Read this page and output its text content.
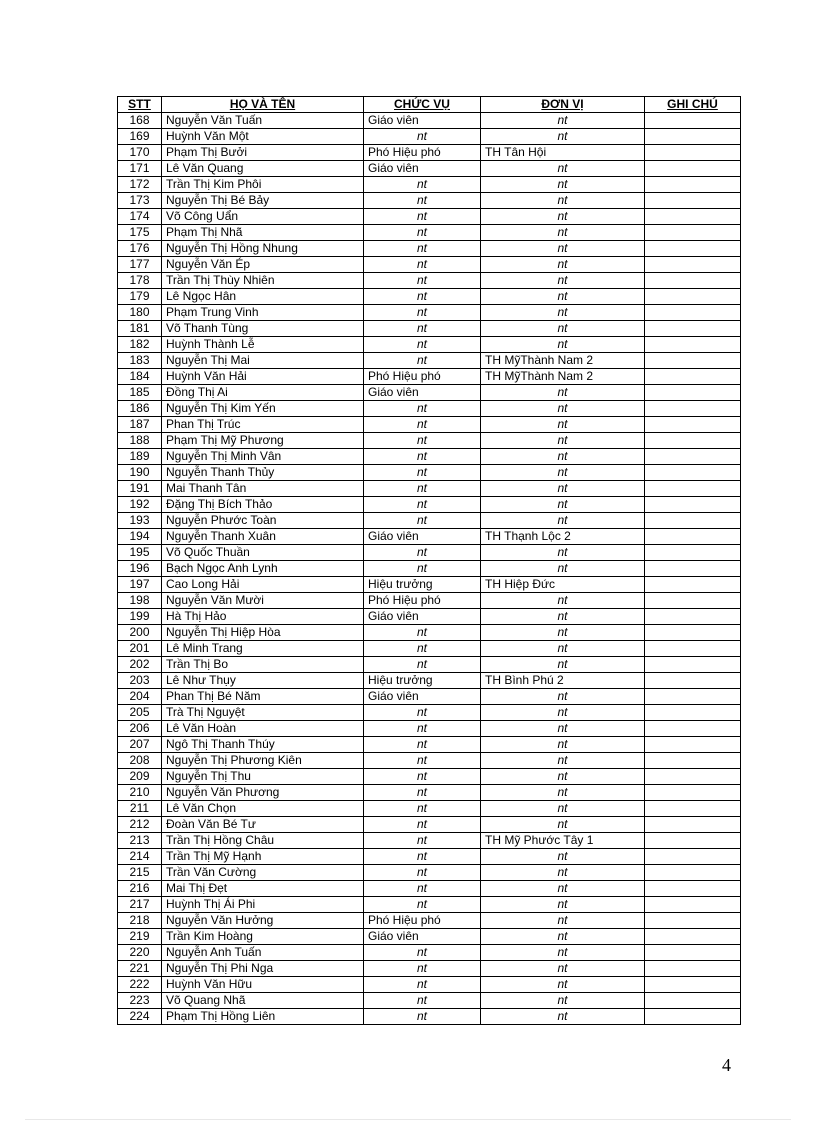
STT	HỌ VÀ TÊN	CHỨC VỤ	ĐƠN VỊ	GHI CHÚ
168	Nguyễn Văn Tuấn	Giáo viên	nt	
169	Huỳnh Văn Một	nt	nt	
170	Phạm Thị Bưởi	Phó Hiệu phó	TH Tân Hội	
171	Lê Văn Quang	Giáo viên	nt	
172	Trần Thị Kim Phôi	nt	nt	
173	Nguyễn Thị Bé Bảy	nt	nt	
174	Võ Công Uẩn	nt	nt	
175	Phạm Thị Nhã	nt	nt	
176	Nguyễn Thị Hồng Nhung	nt	nt	
177	Nguyễn Văn Ép	nt	nt	
178	Trần Thị Thùy Nhiên	nt	nt	
179	Lê Ngọc Hân	nt	nt	
180	Phạm Trung Vinh	nt	nt	
181	Võ Thanh Tùng	nt	nt	
182	Huỳnh Thành Lễ	nt	nt	
183	Nguyễn Thị Mai	nt	TH MỹThành Nam 2	
184	Huỳnh Văn Hải	Phó Hiệu phó	TH MỹThành Nam 2	
185	Đồng Thị Ai	Giáo viên	nt	
186	Nguyễn Thị Kim Yến	nt	nt	
187	Phan Thị Trúc	nt	nt	
188	Phạm Thị Mỹ Phương	nt	nt	
189	Nguyễn Thị Minh Vân	nt	nt	
190	Nguyễn Thanh Thủy	nt	nt	
191	Mai Thanh Tân	nt	nt	
192	Đặng Thị Bích Thảo	nt	nt	
193	Nguyễn Phước Toàn	nt	nt	
194	Nguyễn Thanh Xuân	Giáo viên	TH Thạnh Lộc 2	
195	Võ Quốc Thuần	nt	nt	
196	Bạch Ngọc Anh Lynh	nt	nt	
197	Cao Long Hải	Hiệu trưởng	TH Hiệp Đức	
198	Nguyễn Văn Mười	Phó Hiệu phó	nt	
199	Hà Thị Hảo	Giáo viên	nt	
200	Nguyễn Thị Hiệp Hòa	nt	nt	
201	Lê Minh Trang	nt	nt	
202	Trần Thị Bo	nt	nt	
203	Lê Như Thụy	Hiệu trưởng	TH Bình Phú 2	
204	Phan Thị Bé Năm	Giáo viên	nt	
205	Trà Thị Nguyệt	nt	nt	
206	Lê Văn Hoàn	nt	nt	
207	Ngô Thị Thanh Thúy	nt	nt	
208	Nguyễn Thị Phương Kiên	nt	nt	
209	Nguyễn Thị Thu	nt	nt	
210	Nguyễn Văn Phương	nt	nt	
211	Lê Văn Chọn	nt	nt	
212	Đoàn Văn Bé Tư	nt	nt	
213	Trần Thị Hồng Châu	nt	TH Mỹ Phước Tây 1	
214	Trần Thị Mỹ Hạnh	nt	nt	
215	Trần Văn Cường	nt	nt	
216	Mai Thị Đẹt	nt	nt	
217	Huỳnh Thị Ái Phi	nt	nt	
218	Nguyễn Văn Hưởng	Phó Hiệu phó	nt	
219	Trần Kim Hoàng	Giáo viên	nt	
220	Nguyễn Anh Tuấn	nt	nt	
221	Nguyễn Thị Phi Nga	nt	nt	
222	Huỳnh Văn Hữu	nt	nt	
223	Võ Quang Nhã	nt	nt	
224	Phạm Thị Hồng Liên	nt	nt	
4
